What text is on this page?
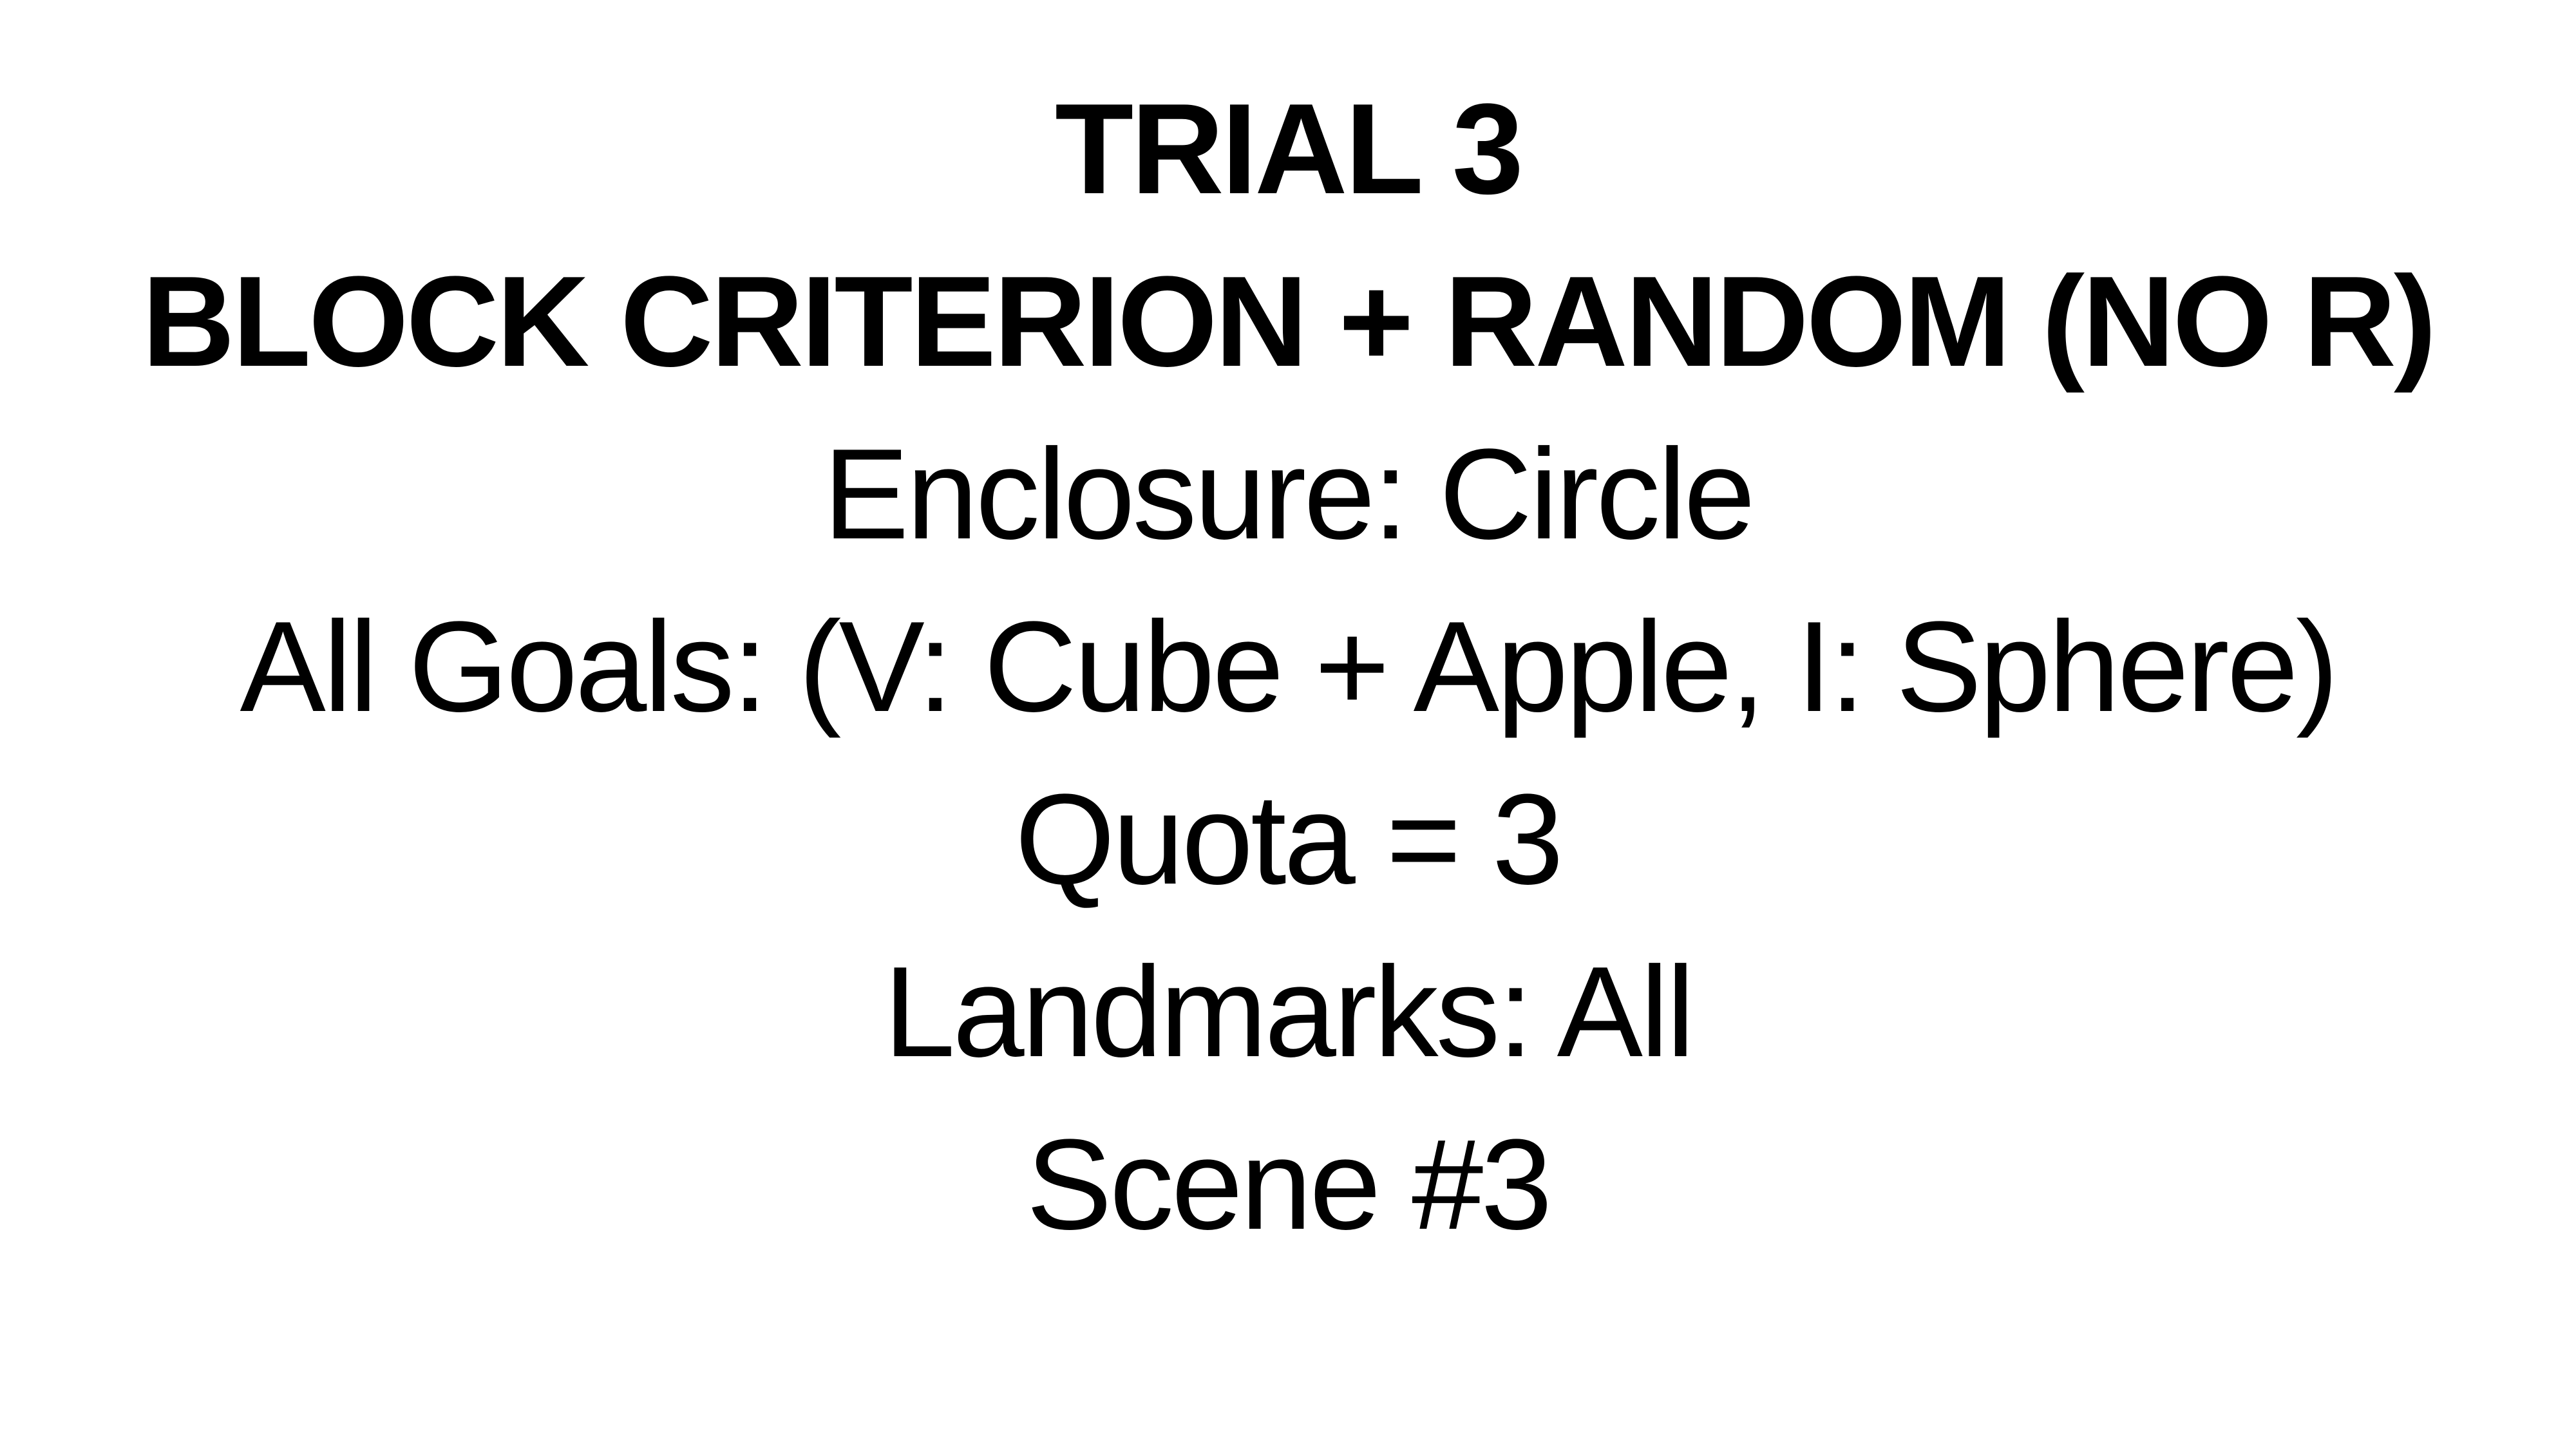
TRIAL 3
BLOCK CRITERION + RANDOM (NO R)
Enclosure: Circle
All Goals: (V: Cube + Apple, I: Sphere)
Quota = 3
Landmarks: All
Scene #3
